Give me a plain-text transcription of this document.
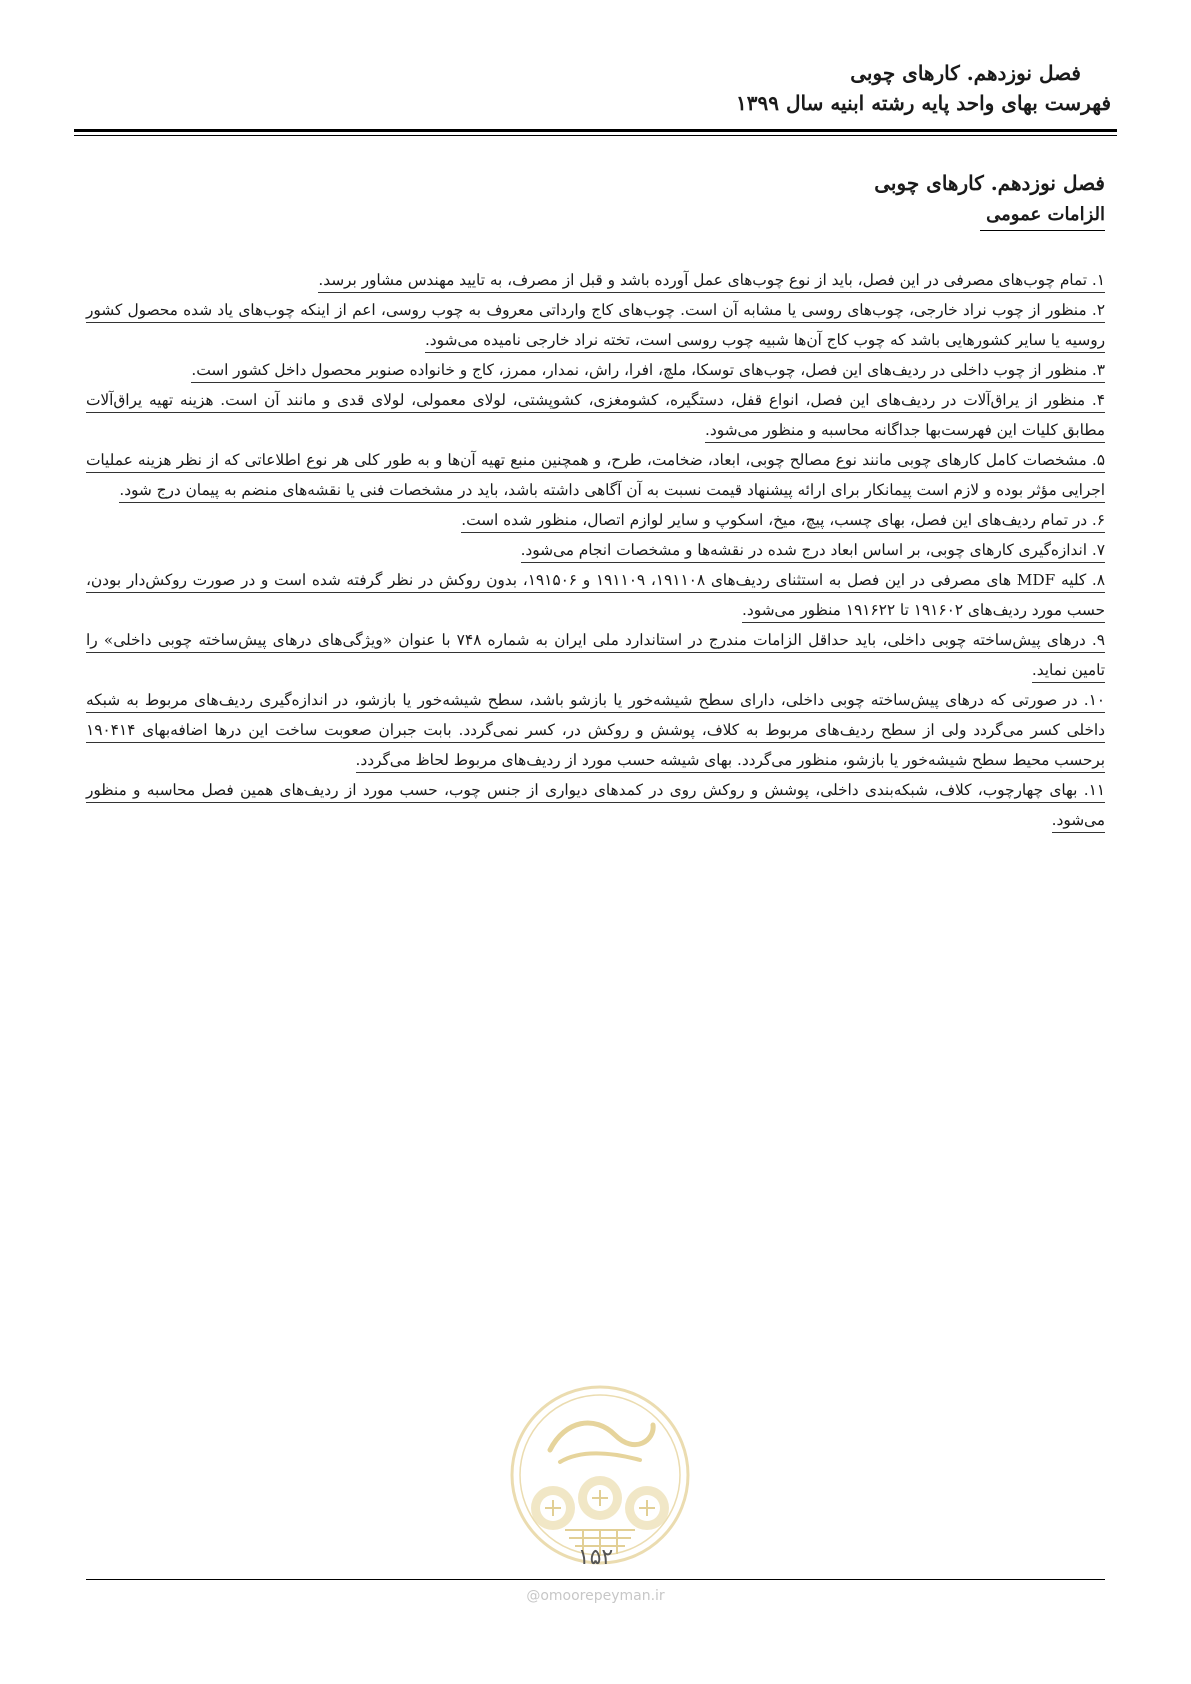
فصل نوزدهم. کارهای چوبی
فهرست بهای واحد پایه رشته ابنیه سال ۱۳۹۹
فصل نوزدهم. کارهای چوبی
الزامات عمومی

۱. تمام چوب‌های مصرفی در این فصل، باید از نوع چوب‌های عمل آورده باشد و قبل از مصرف، به تایید مهندس مشاور برسد.

۲. منظور از چوب نراد خارجی، چوب‌های روسی یا مشابه آن است. چوب‌های کاج وارداتی معروف به چوب روسی، اعم از اینکه چوب‌های یاد شده محصول کشور روسیه یا سایر کشورهایی باشد که چوب کاج آن‌ها شبیه چوب روسی است، تخته نراد خارجی نامیده می‌شود.

۳. منظور از چوب داخلی در ردیف‌های این فصل، چوب‌های توسکا، ملچ، افرا، راش، نمدار، ممرز، کاج و خانواده صنوبر محصول داخل کشور است.

۴. منظور از یراق‌آلات در ردیف‌های این فصل، انواع قفل، دستگیره، کشومغزی، کشوپشتی، لولای معمولی، لولای قدی و مانند آن است. هزینه تهیه یراق‌آلات مطابق کلیات این فهرست‌بها جداگانه محاسبه و منظور می‌شود.

۵. مشخصات کامل کارهای چوبی مانند نوع مصالح چوبی، ابعاد، ضخامت، طرح، و همچنین منبع تهیه آن‌ها و به طور کلی هر نوع اطلاعاتی که از نظر هزینه عملیات اجرایی مؤثر بوده و لازم است پیمانکار برای ارائه پیشنهاد قیمت نسبت به آن آگاهی داشته باشد، باید در مشخصات فنی یا نقشه‌های منضم به پیمان درج شود.

۶. در تمام ردیف‌های این فصل، بهای چسب، پیچ، میخ، اسکوپ و سایر لوازم اتصال، منظور شده است.

۷. اندازه‌گیری کارهای چوبی، بر اساس ابعاد درج شده در نقشه‌ها و مشخصات انجام می‌شود.

۸. کلیه MDF های مصرفی در این فصل به استثنای ردیف‌های ۱۹۱۱۰۸، ۱۹۱۱۰۹ و ۱۹۱۵۰۶، بدون روکش در نظر گرفته شده است و در صورت روکش‌دار بودن، حسب مورد ردیف‌های ۱۹۱۶۰۲ تا ۱۹۱۶۲۲ منظور می‌شود.

۹. درهای پیش‌ساخته چوبی داخلی، باید حداقل الزامات مندرج در استاندارد ملی ایران به شماره ۷۴۸ با عنوان «ویژگی‌های درهای پیش‌ساخته چوبی داخلی» را تامین نماید.

۱۰. در صورتی که درهای پیش‌ساخته چوبی داخلی، دارای سطح شیشه‌خور یا بازشو باشد، سطح شیشه‌خور یا بازشو، در اندازه‌گیری ردیف‌های مربوط به شبکه داخلی کسر می‌گردد ولی از سطح ردیف‌های مربوط به کلاف، پوشش و روکش در، کسر نمی‌گردد. بابت جبران صعوبت ساخت این درها اضافه‌بهای ۱۹۰۴۱۴ برحسب محیط سطح شیشه‌خور یا بازشو، منظور می‌گردد. بهای شیشه حسب مورد از ردیف‌های مربوط لحاظ می‌گردد.

۱۱. بهای چهارچوب، کلاف، شبکه‌بندی داخلی، پوشش و روکش روی در کمدهای دیواری از جنس چوب، حسب مورد از ردیف‌های همین فصل محاسبه و منظور می‌شود.

۱۵۲
@omoorepeyman.ir
